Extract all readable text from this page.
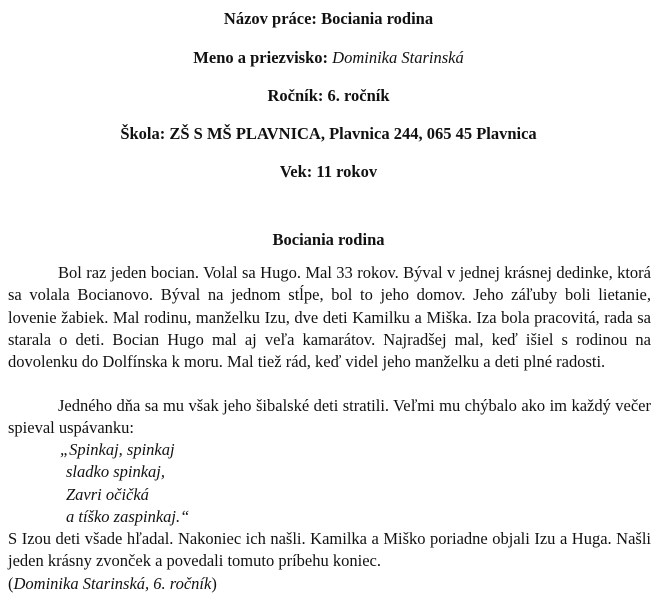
Názov práce: Bociania rodina
Meno a priezvisko: Dominika Starinská
Ročník: 6. ročník
Škola: ZŠ S MŠ PLAVNICA, Plavnica 244, 065 45 Plavnica
Vek: 11 rokov
Bociania rodina
Bol raz jeden bocian. Volal sa Hugo. Mal 33 rokov. Býval v jednej krásnej dedinke, ktorá sa volala Bocianovo. Býval na jednom stĺpe, bol to jeho domov. Jeho záľuby boli lietanie, lovenie žabiek. Mal rodinu, manželku Izu, dve deti Kamilku a Miška. Iza bola pracovitá, rada sa starala o deti. Bocian Hugo mal aj veľa kamarátov. Najradšej mal, keď išiel s rodinou na dovolenku do Dolfínska k moru. Mal tiež rád, keď videl jeho manželku a deti plné radosti.
Jedného dňa sa mu však jeho šibalské deti stratili. Veľmi mu chýbalo ako im každý večer spieval uspávanku:
„Spinkaj, spinkaj
sladko spinkaj,
Zavri očičká
a tíško zaspinkaj.“
S Izou deti všade hľadal. Nakoniec ich našli. Kamilka a Miško poriadne objali Izu a Huga. Našli jeden krásny zvonček a povedali tomuto príbehu koniec.
(Dominika Starinská, 6. ročník)
